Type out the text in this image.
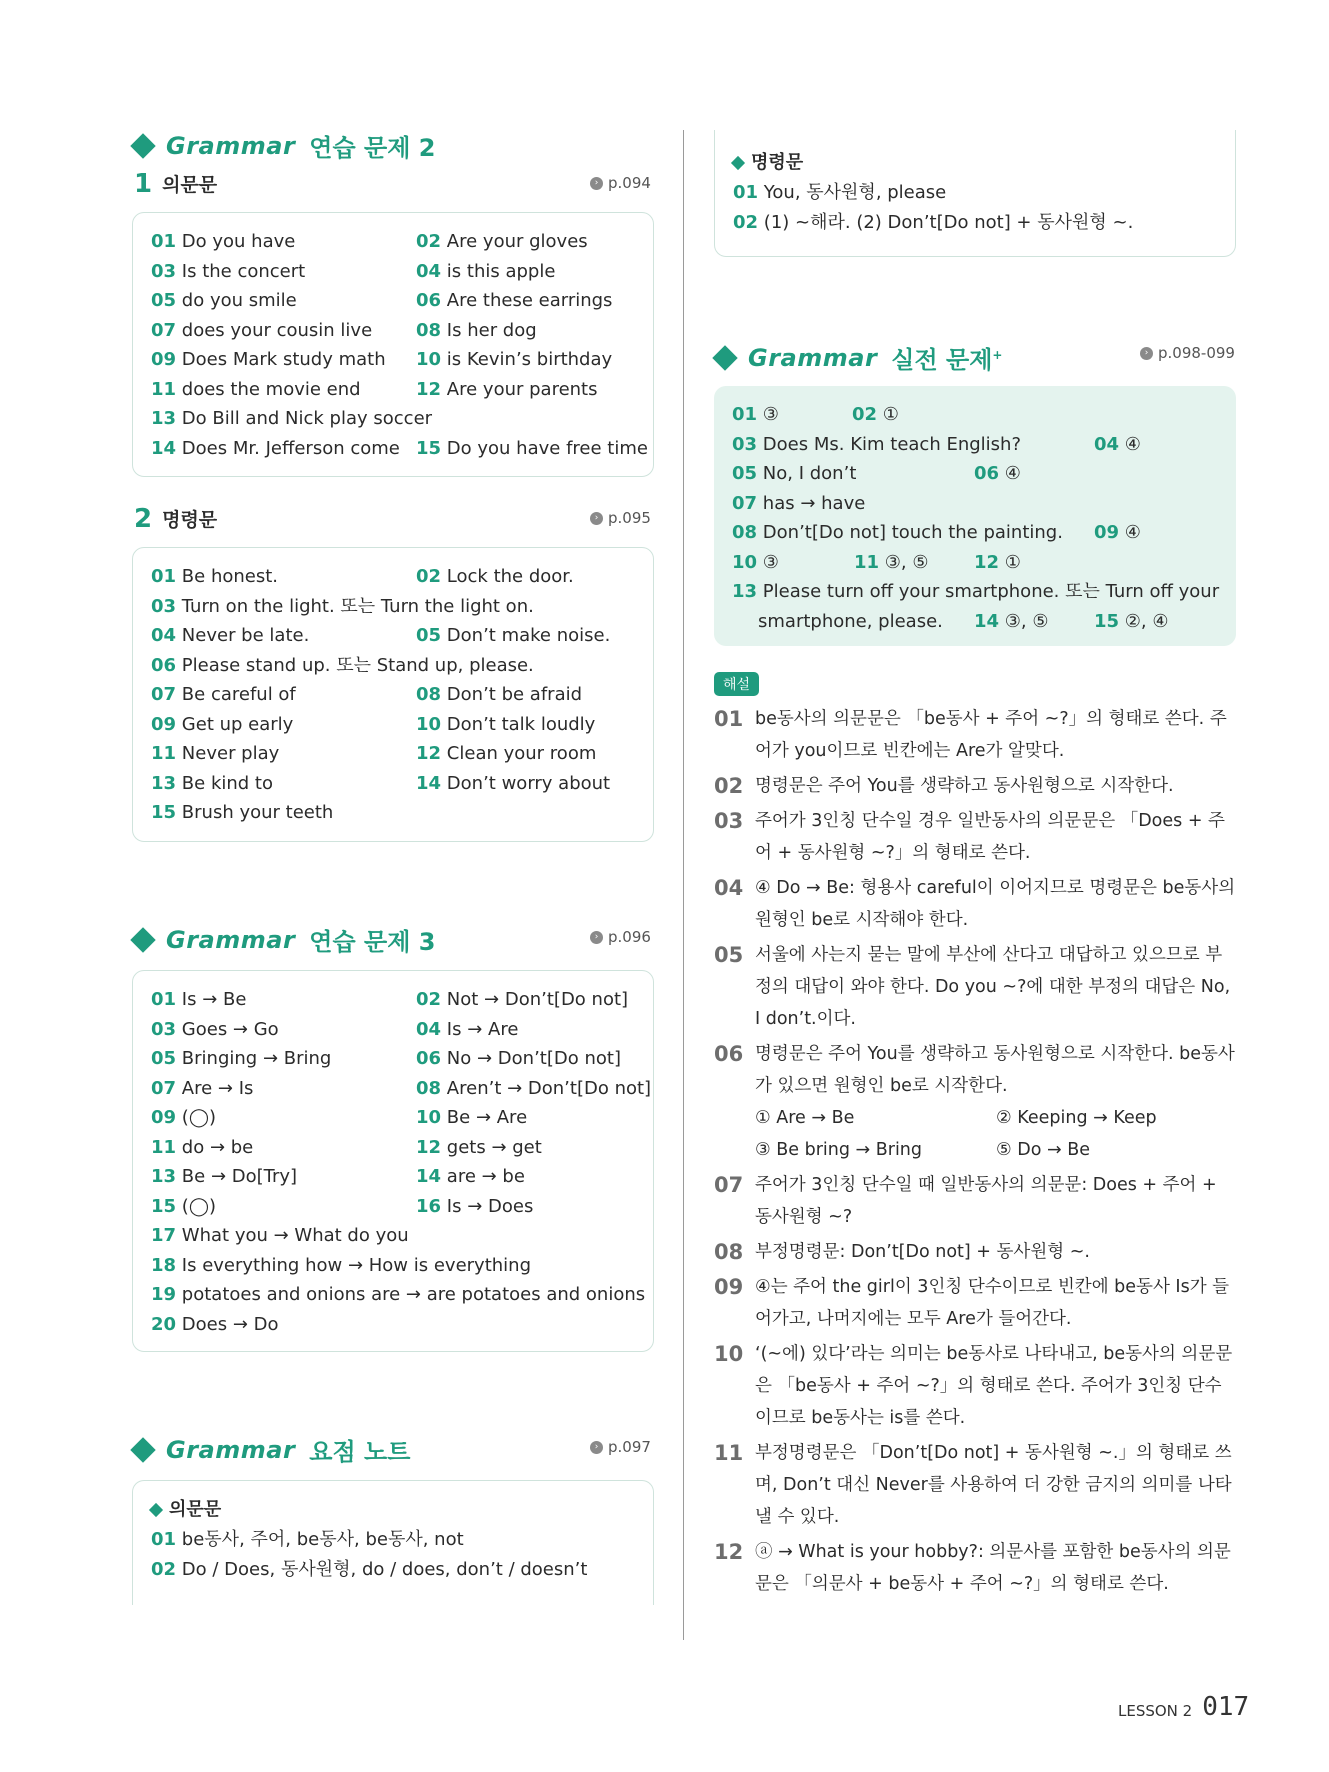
Grammar 연습 문제 2
1 의문문	› p.094
01 Do you have	02 Are your gloves
03 Is the concert	04 is this apple
05 do you smile	06 Are these earrings
07 does your cousin live	08 Is her dog
09 Does Mark study math	10 is Kevin’s birthday
11 does the movie end	12 Are your parents
13 Do Bill and Nick play soccer
14 Does Mr. Jefferson come 15 Do you have free time
2 명령문	› p.095
01 Be honest.	02 Lock the door.
03 Turn on the light. 또는 Turn the light on.
04 Never be late.	05 Don’t make noise.
06 Please stand up. 또는 Stand up, please.
07 Be careful of	08 Don’t be afraid
09 Get up early	10 Don’t talk loudly
11 Never play	12 Clean your room
13 Be kind to	14 Don’t worry about
15 Brush your teeth
Grammar 연습 문제 3	› p.096
01 Is → Be	02 Not → Don’t[Do not]
03 Goes → Go	04 Is → Are
05 Bringing → Bring	06 No → Don’t[Do not]
07 Are → Is	08 Aren’t → Don’t[Do not]
09 (◯)	10 Be → Are
11 do → be	12 gets → get
13 Be → Do[Try]	14 are → be
15 (◯)	16 Is → Does
17 What you → What do you
18 Is everything how → How is everything
19 potatoes and onions are → are potatoes and onions
20 Does → Do
Grammar 요점 노트	› p.097
의문문
01 be동사, 주어, be동사, be동사, not
02 Do / Does, 동사원형, do / does, don’t / doesn’t
명령문
01 You, 동사원형, please
02 (1) ~해라. (2) Don’t[Do not] + 동사원형 ~.
Grammar 실전 문제+	› p.098-099
01 ③	02 ①
03 Does Ms. Kim teach English?	04 ④
05 No, I don’t	06 ④
07 has → have
08 Don’t[Do not] touch the painting. 09 ④
10 ③	11 ③, ⑤	12 ①
13 Please turn off your smartphone. 또는 Turn off your
smartphone, please. 14 ③, ⑤	15 ②, ④
해설
01 be동사의 의문문은 「be동사 + 주어 ~?」의 형태로 쓴다. 주어가 you이므로 빈칸에는 Are가 알맞다.
02 명령문은 주어 You를 생략하고 동사원형으로 시작한다.
03 주어가 3인칭 단수일 경우 일반동사의 의문문은 「Does + 주어 + 동사원형 ~?」의 형태로 쓴다.
04 ④ Do → Be: 형용사 careful이 이어지므로 명령문은 be동사의 원형인 be로 시작해야 한다.
05 서울에 사는지 묻는 말에 부산에 산다고 대답하고 있으므로 부정의 대답이 와야 한다. Do you ~?에 대한 부정의 대답은 No, I don’t.이다.
06 명령문은 주어 You를 생략하고 동사원형으로 시작한다. be동사가 있으면 원형인 be로 시작한다.
① Are → Be	② Keeping → Keep
③ Be bring → Bring	⑤ Do → Be
07 주어가 3인칭 단수일 때 일반동사의 의문문: Does + 주어 + 동사원형 ~?
08 부정명령문: Don’t[Do not] + 동사원형 ~.
09 ④는 주어 the girl이 3인칭 단수이므로 빈칸에 be동사 Is가 들어가고, 나머지에는 모두 Are가 들어간다.
10 ‘(~에) 있다’라는 의미는 be동사로 나타내고, be동사의 의문문은 「be동사 + 주어 ~?」의 형태로 쓴다. 주어가 3인칭 단수이므로 be동사는 is를 쓴다.
11 부정명령문은 「Don’t[Do not] + 동사원형 ~.」의 형태로 쓰며, Don’t 대신 Never를 사용하여 더 강한 금지의 의미를 나타낼 수 있다.
12 ⓐ → What is your hobby?: 의문사를 포함한 be동사의 의문문은 「의문사 + be동사 + 주어 ~?」의 형태로 쓴다.
LESSON 2 017
